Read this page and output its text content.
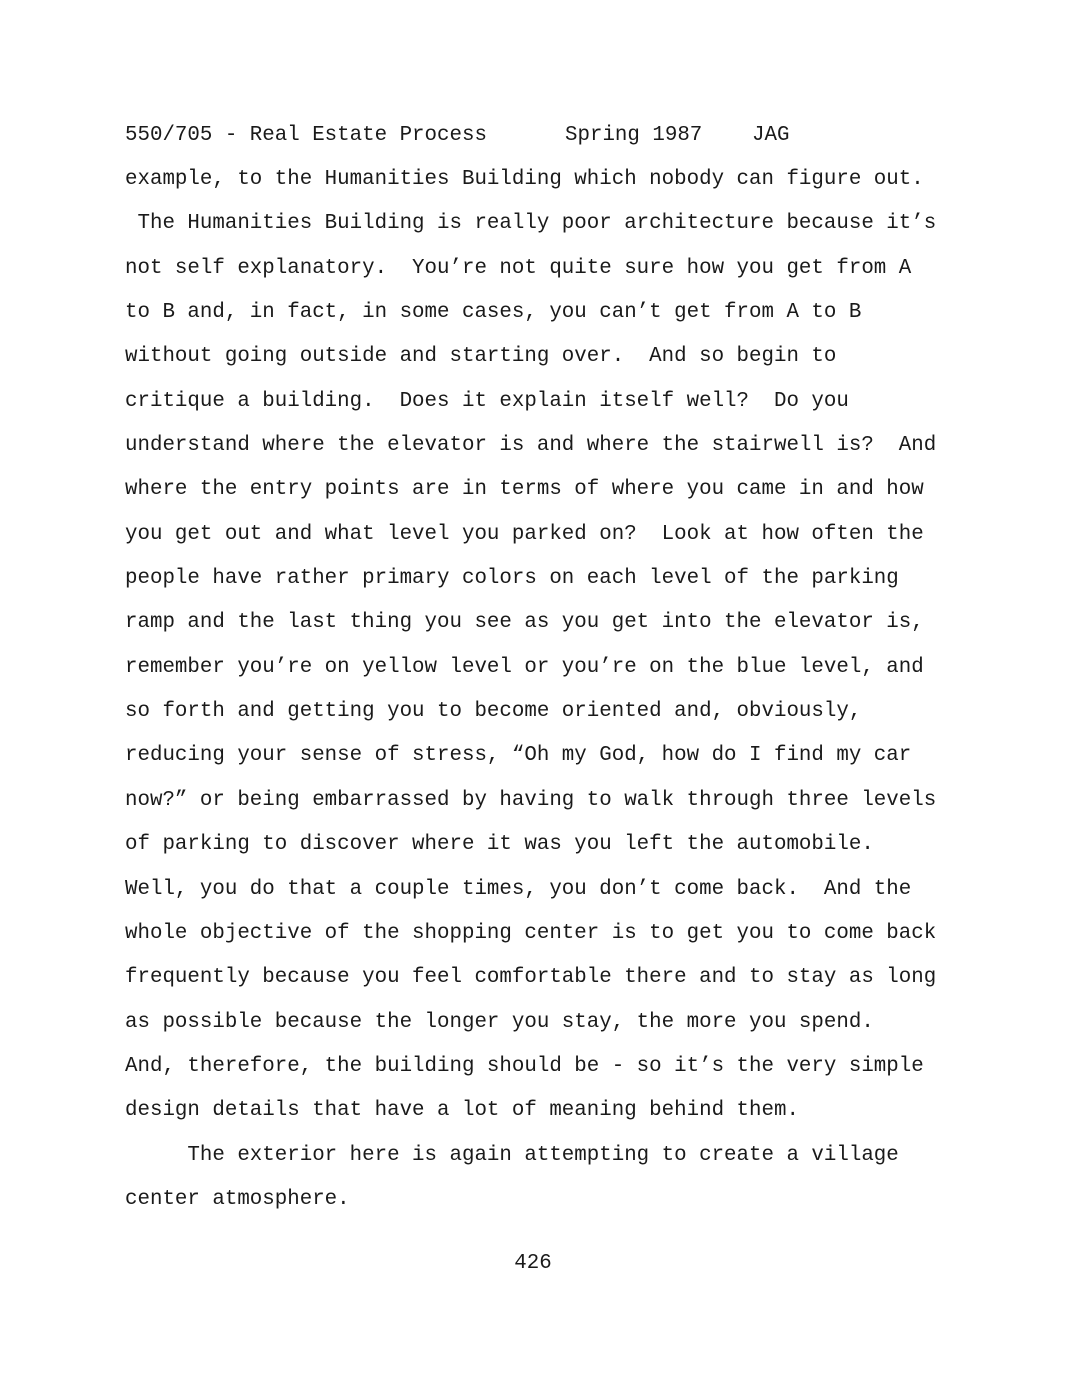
550/705 - Real Estate Process	Spring 1987 JAG
example, to the Humanities Building which nobody can figure out.
The Humanities Building is really poor architecture because it’s
not self explanatory.  You’re not quite sure how you get from A
to B and, in fact, in some cases, you can’t get from A to B
without going outside and starting over.  And so begin to
critique a building.  Does it explain itself well?  Do you
understand where the elevator is and where the stairwell is?  And
where the entry points are in terms of where you came in and how
you get out and what level you parked on?  Look at how often the
people have rather primary colors on each level of the parking
ramp and the last thing you see as you get into the elevator is,
remember you’re on yellow level or you’re on the blue level, and
so forth and getting you to become oriented and, obviously,
reducing your sense of stress, “Oh my God, how do I find my car
now?” or being embarrassed by having to walk through three levels
of parking to discover where it was you left the automobile.
Well, you do that a couple times, you don’t come back.  And the
whole objective of the shopping center is to get you to come back
frequently because you feel comfortable there and to stay as long
as possible because the longer you stay, the more you spend.
And, therefore, the building should be - so it’s the very simple
design details that have a lot of meaning behind them.
The exterior here is again attempting to create a village
center atmosphere.
426
